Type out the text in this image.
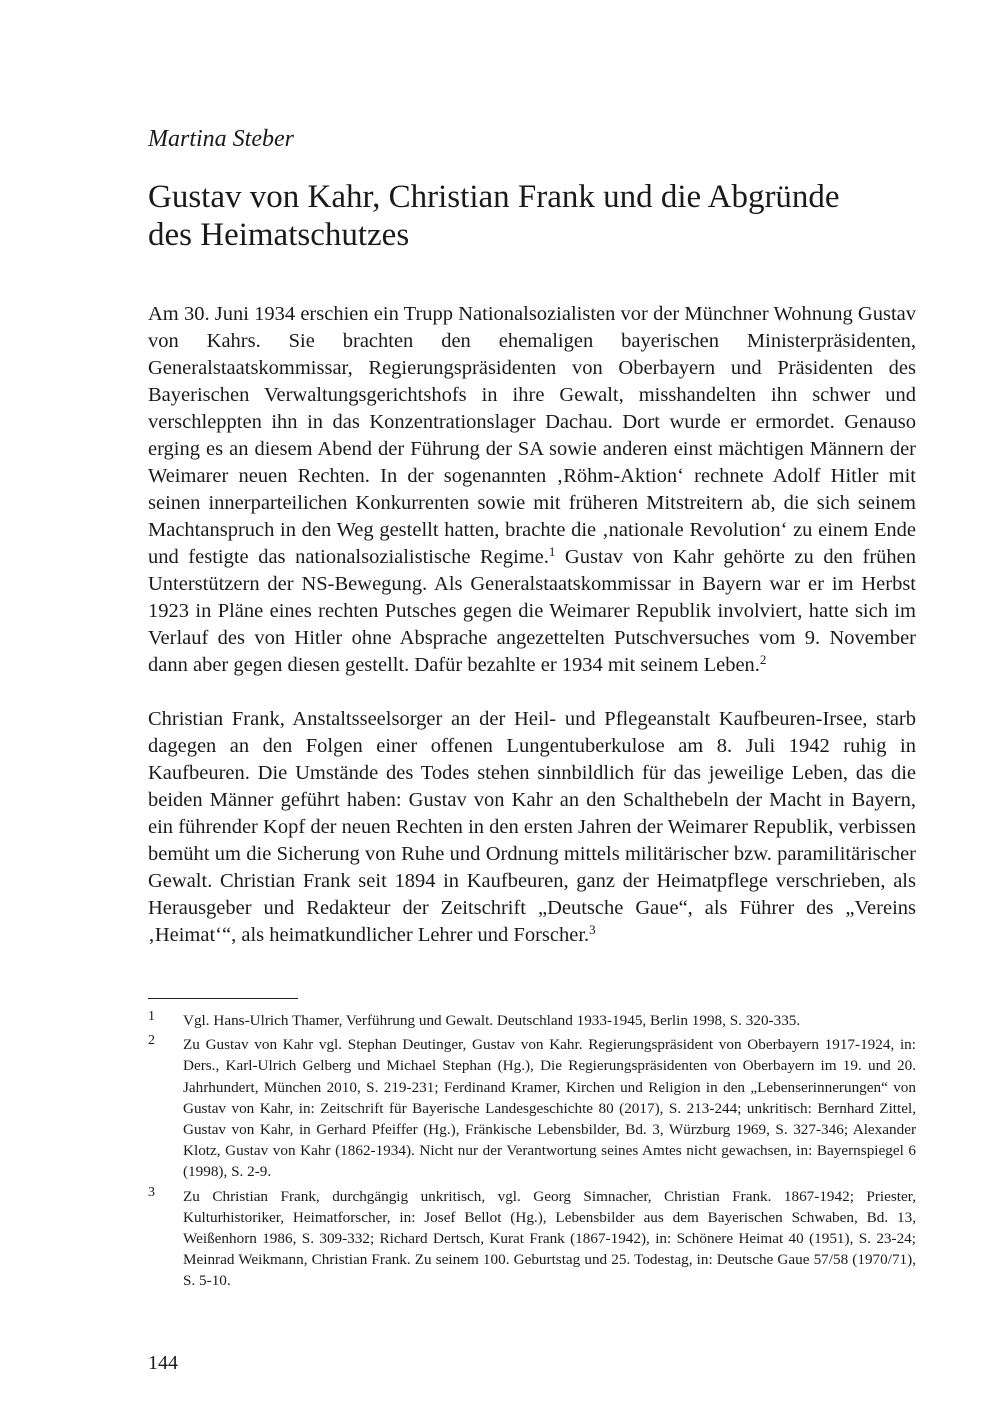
Martina Steber
Gustav von Kahr, Christian Frank und die Abgründe
des Heimatschutzes

Am 30. Juni 1934 erschien ein Trupp Nationalsozialisten vor der Münchner Wohnung Gustav von Kahrs. Sie brachten den ehemaligen bayerischen Ministerpräsidenten, Generalstaatskommissar, Regierungspräsidenten von Oberbayern und Präsidenten des Bayerischen Verwaltungsgerichtshofs in ihre Gewalt, misshandelten ihn schwer und verschleppten ihn in das Konzentrationslager Dachau. Dort wurde er ermordet. Genauso erging es an diesem Abend der Führung der SA sowie anderen einst mächtigen Männern der Weimarer neuen Rechten. In der sogenannten ‚Röhm-Aktion‘ rechnete Adolf Hitler mit seinen innerparteilichen Konkurrenten sowie mit früheren Mitstreitern ab, die sich seinem Machtanspruch in den Weg gestellt hatten, brachte die ‚nationale Revolution‘ zu einem Ende und festigte das nationalsozialistische Regime.$^1$ Gustav von Kahr gehörte zu den frühen Unterstützern der NS-Bewegung. Als Generalstaatskommissar in Bayern war er im Herbst 1923 in Pläne eines rechten Putsches gegen die Weimarer Republik involviert, hatte sich im Verlauf des von Hitler ohne Absprache angezettelten Putschversuches vom 9. November dann aber gegen diesen gestellt. Dafür bezahlte er 1934 mit seinem Leben.$^2$

Christian Frank, Anstaltsseelsorger an der Heil- und Pflegeanstalt Kaufbeuren-Irsee, starb dagegen an den Folgen einer offenen Lungentuberkulose am 8. Juli 1942 ruhig in Kaufbeuren. Die Umstände des Todes stehen sinnbildlich für das jeweilige Leben, das die beiden Männer geführt haben: Gustav von Kahr an den Schalthebeln der Macht in Bayern, ein führender Kopf der neuen Rechten in den ersten Jahren der Weimarer Republik, verbissen bemüht um die Sicherung von Ruhe und Ordnung mittels militärischer bzw. paramilitärischer Gewalt. Christian Frank seit 1894 in Kaufbeuren, ganz der Heimatpflege verschrieben, als Herausgeber und Redakteur der Zeitschrift „Deutsche Gaue“, als Führer des „Vereins ‚Heimat‘“, als heimatkundlicher Lehrer und Forscher.$^3$

1 Vgl. Hans-Ulrich Thamer, Verführung und Gewalt. Deutschland 1933-1945, Berlin 1998, S. 320-335.
2 Zu Gustav von Kahr vgl. Stephan Deutinger, Gustav von Kahr. Regierungspräsident von Oberbayern 1917-1924, in: Ders., Karl-Ulrich Gelberg und Michael Stephan (Hg.), Die Regierungspräsidenten von Oberbayern im 19. und 20. Jahrhundert, München 2010, S. 219-231; Ferdinand Kramer, Kirchen und Religion in den „Lebenserinnerungen“ von Gustav von Kahr, in: Zeitschrift für Bayerische Landesgeschichte 80 (2017), S. 213-244; unkritisch: Bernhard Zittel, Gustav von Kahr, in Gerhard Pfeiffer (Hg.), Fränkische Lebensbilder, Bd. 3, Würzburg 1969, S. 327-346; Alexander Klotz, Gustav von Kahr (1862-1934). Nicht nur der Verantwortung seines Amtes nicht gewachsen, in: Bayernspiegel 6 (1998), S. 2-9.
3 Zu Christian Frank, durchgängig unkritisch, vgl. Georg Simnacher, Christian Frank. 1867-1942; Priester, Kulturhistoriker, Heimatforscher, in: Josef Bellot (Hg.), Lebensbilder aus dem Bayerischen Schwaben, Bd. 13, Weißenhorn 1986, S. 309-332; Richard Dertsch, Kurat Frank (1867-1942), in: Schönere Heimat 40 (1951), S. 23-24; Meinrad Weikmann, Christian Frank. Zu seinem 100. Geburtstag und 25. Todestag, in: Deutsche Gaue 57/58 (1970/71), S. 5-10.
144
